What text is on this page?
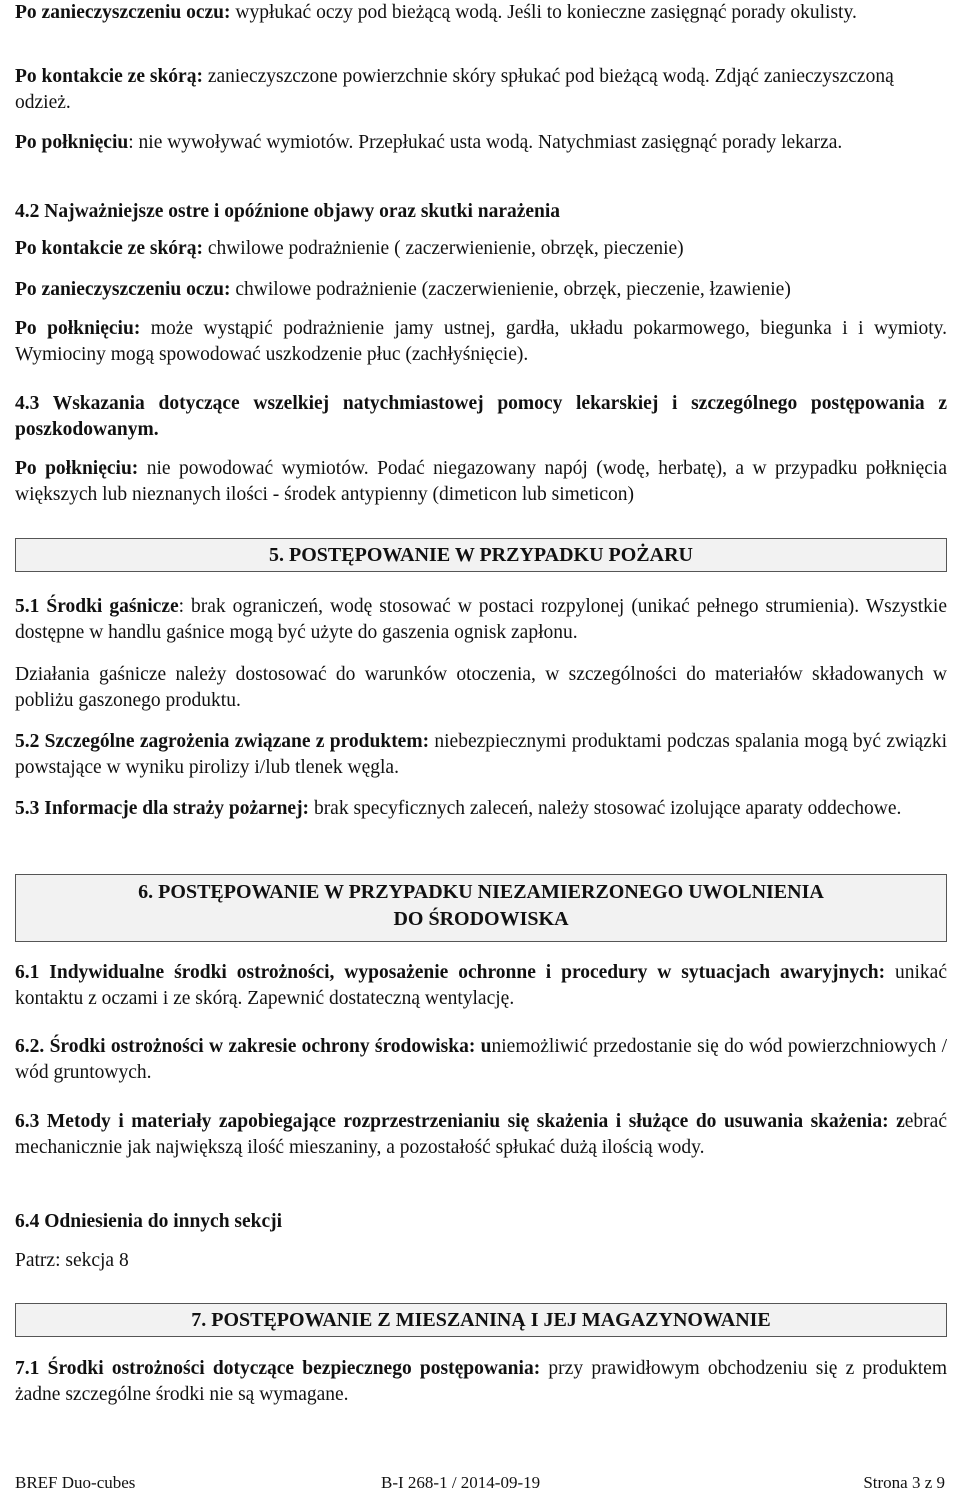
Po zanieczyszczeniu oczu: wypłukać oczy pod bieżącą wodą. Jeśli to konieczne zasięgnąć porady okulisty.

Po kontakcie ze skórą: zanieczyszczone powierzchnie skóry spłukać pod bieżącą wodą. Zdjąć zanieczyszczoną odzież.

Po połknięciu: nie wywoływać wymiotów. Przepłukać usta wodą. Natychmiast zasięgnąć porady lekarza.

4.2 Najważniejsze ostre i opóźnione objawy oraz skutki narażenia

Po kontakcie ze skórą: chwilowe podrażnienie ( zaczerwienienie, obrzęk, pieczenie)

Po zanieczyszczeniu oczu: chwilowe podrażnienie (zaczerwienienie, obrzęk, pieczenie, łzawienie)

Po połknięciu: może wystąpić podrażnienie jamy ustnej, gardła, układu pokarmowego, biegunka i i wymioty. Wymiociny mogą spowodować uszkodzenie płuc (zachłyśnięcie).

4.3 Wskazania dotyczące wszelkiej natychmiastowej pomocy lekarskiej i szczególnego postępowania z poszkodowanym.

Po połknięciu: nie powodować wymiotów. Podać niegazowany napój (wodę, herbatę), a w przypadku połknięcia większych lub nieznanych ilości - środek antypienny (dimeticon lub simeticon)

5. POSTĘPOWANIE W PRZYPADKU POŻARU

5.1 Środki gaśnicze: brak ograniczeń, wodę stosować w postaci rozpylonej (unikać pełnego strumienia). Wszystkie dostępne w handlu gaśnice mogą być użyte do gaszenia ognisk zapłonu.

Działania gaśnicze należy dostosować do warunków otoczenia, w szczególności do materiałów składowanych w pobliżu gaszonego produktu.

5.2 Szczególne zagrożenia związane z produktem: niebezpiecznymi produktami podczas spalania mogą być związki powstające w wyniku pirolizy i/lub tlenek węgla.

5.3 Informacje dla straży pożarnej: brak specyficznych zaleceń, należy stosować izolujące aparaty oddechowe.

6. POSTĘPOWANIE W PRZYPADKU NIEZAMIERZONEGO UWOLNIENIA
DO ŚRODOWISKA

6.1 Indywidualne środki ostrożności, wyposażenie ochronne i procedury w sytuacjach awaryjnych: unikać kontaktu z oczami i ze skórą. Zapewnić dostateczną wentylację.

6.2. Środki ostrożności w zakresie ochrony środowiska: uniemożliwić przedostanie się do wód powierzchniowych / wód gruntowych.

6.3 Metody i materiały zapobiegające rozprzestrzenianiu się skażenia i służące do usuwania skażenia: zebrać mechanicznie jak największą ilość mieszaniny, a pozostałość spłukać dużą ilością wody.

6.4 Odniesienia do innych sekcji

Patrz: sekcja 8

7. POSTĘPOWANIE Z MIESZANINĄ I JEJ MAGAZYNOWANIE

7.1 Środki ostrożności dotyczące bezpiecznego postępowania: przy prawidłowym obchodzeniu się z produktem żadne szczególne środki nie są wymagane.

BREF Duo-cubes	B-I 268-1 / 2014-09-19	Strona 3 z 9
